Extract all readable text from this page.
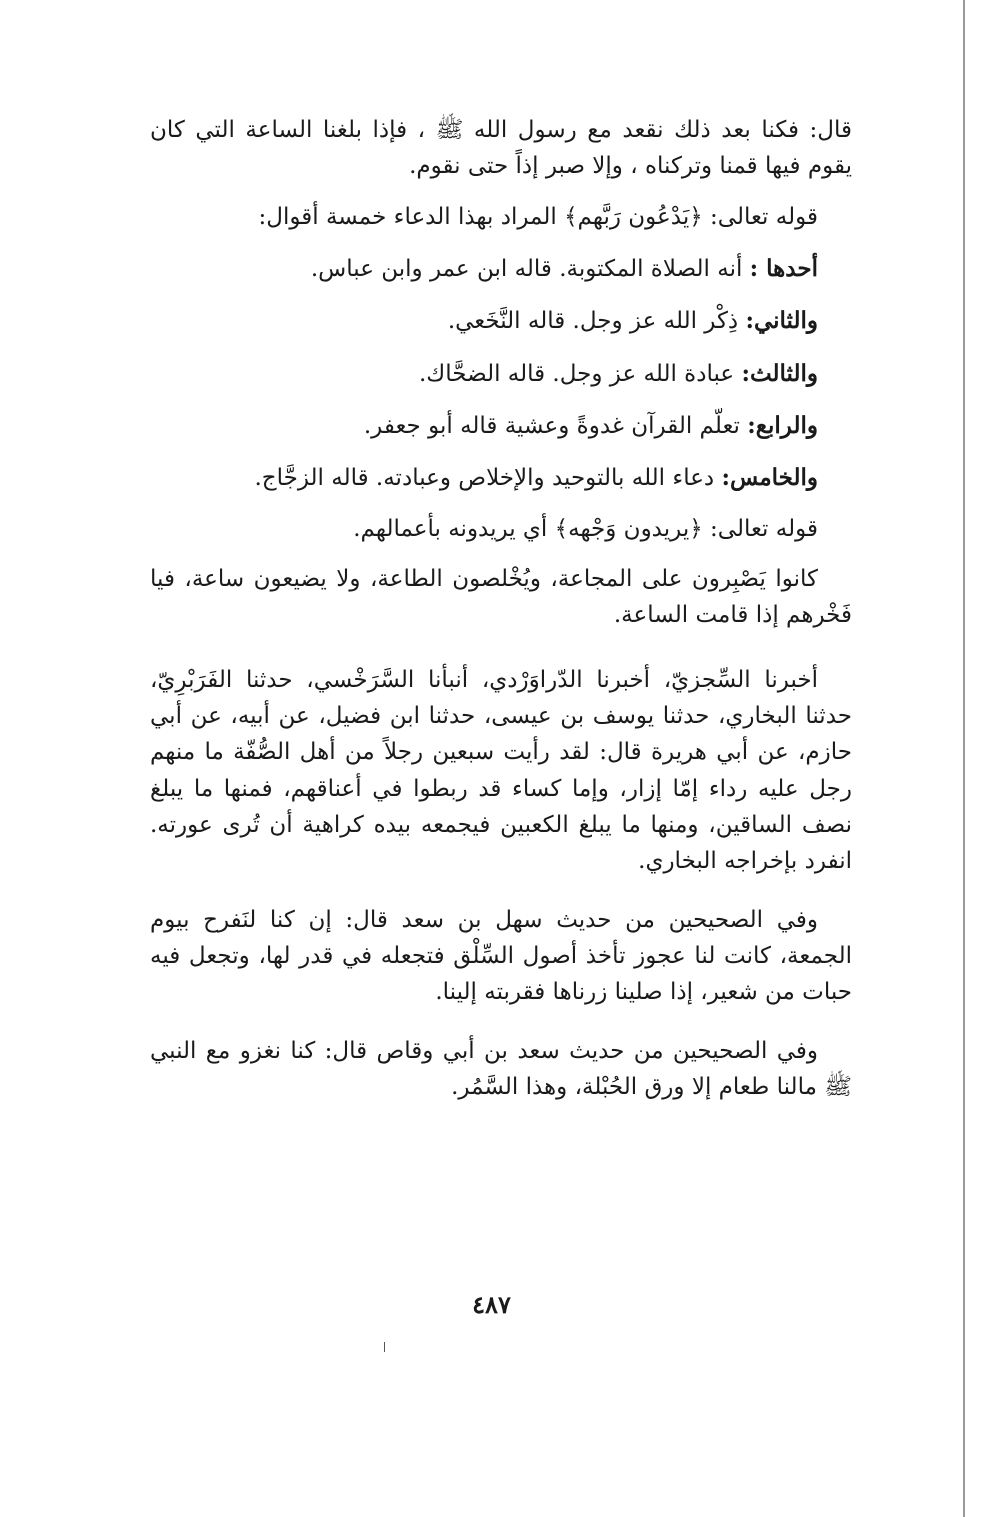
قال: فكنا بعد ذلك نقعد مع رسول الله ﷺ ، فإذا بلغنا الساعة التي كان يقوم فيها قمنا وتركناه ، وإلا صبر إذاً حتى نقوم.

قوله تعالى: ﴿يَدْعُون رَبَّهم﴾ المراد بهذا الدعاء خمسة أقوال:

أحدها : أنه الصلاة المكتوبة. قاله ابن عمر وابن عباس.

والثاني: ذِكْر الله عز وجل. قاله النَّخَعي.

والثالث: عبادة الله عز وجل. قاله الضحَّاك.

والرابع: تعلّم القرآن غدوةً وعشية قاله أبو جعفر.

والخامس: دعاء الله بالتوحيد والإخلاص وعبادته. قاله الزجَّاج.

قوله تعالى: ﴿يريدون وَجْهه﴾ أي يريدونه بأعمالهم.

كانوا يَصْبِرون على المجاعة، ويُخْلصون الطاعة، ولا يضيعون ساعة، فيا فَخْرهم إذا قامت الساعة.

أخبرنا السِّجزيّ، أخبرنا الدّراوَرْدي، أنبأنا السَّرَخْسي، حدثنا الفَرَبْرِيّ، حدثنا البخاري، حدثنا يوسف بن عيسى، حدثنا ابن فضيل، عن أبيه، عن أبي حازم، عن أبي هريرة قال: لقد رأيت سبعين رجلاً من أهل الصُّفّة ما منهم رجل عليه رداء إمّا إزار، وإما كساء قد ربطوا في أعناقهم، فمنها ما يبلغ نصف الساقين، ومنها ما يبلغ الكعبين فيجمعه بيده كراهية أن تُرى عورته. انفرد بإخراجه البخاري.

وفي الصحيحين من حديث سهل بن سعد قال: إن كنا لنَفرح بيوم الجمعة، كانت لنا عجوز تأخذ أصول السِّلْق فتجعله في قدر لها، وتجعل فيه حبات من شعير، إذا صلينا زرناها فقربته إلينا.

وفي الصحيحين من حديث سعد بن أبي وقاص قال: كنا نغزو مع النبي ﷺ مالنا طعام إلا ورق الحُبْلة، وهذا السَّمُر.

٤٨٧
